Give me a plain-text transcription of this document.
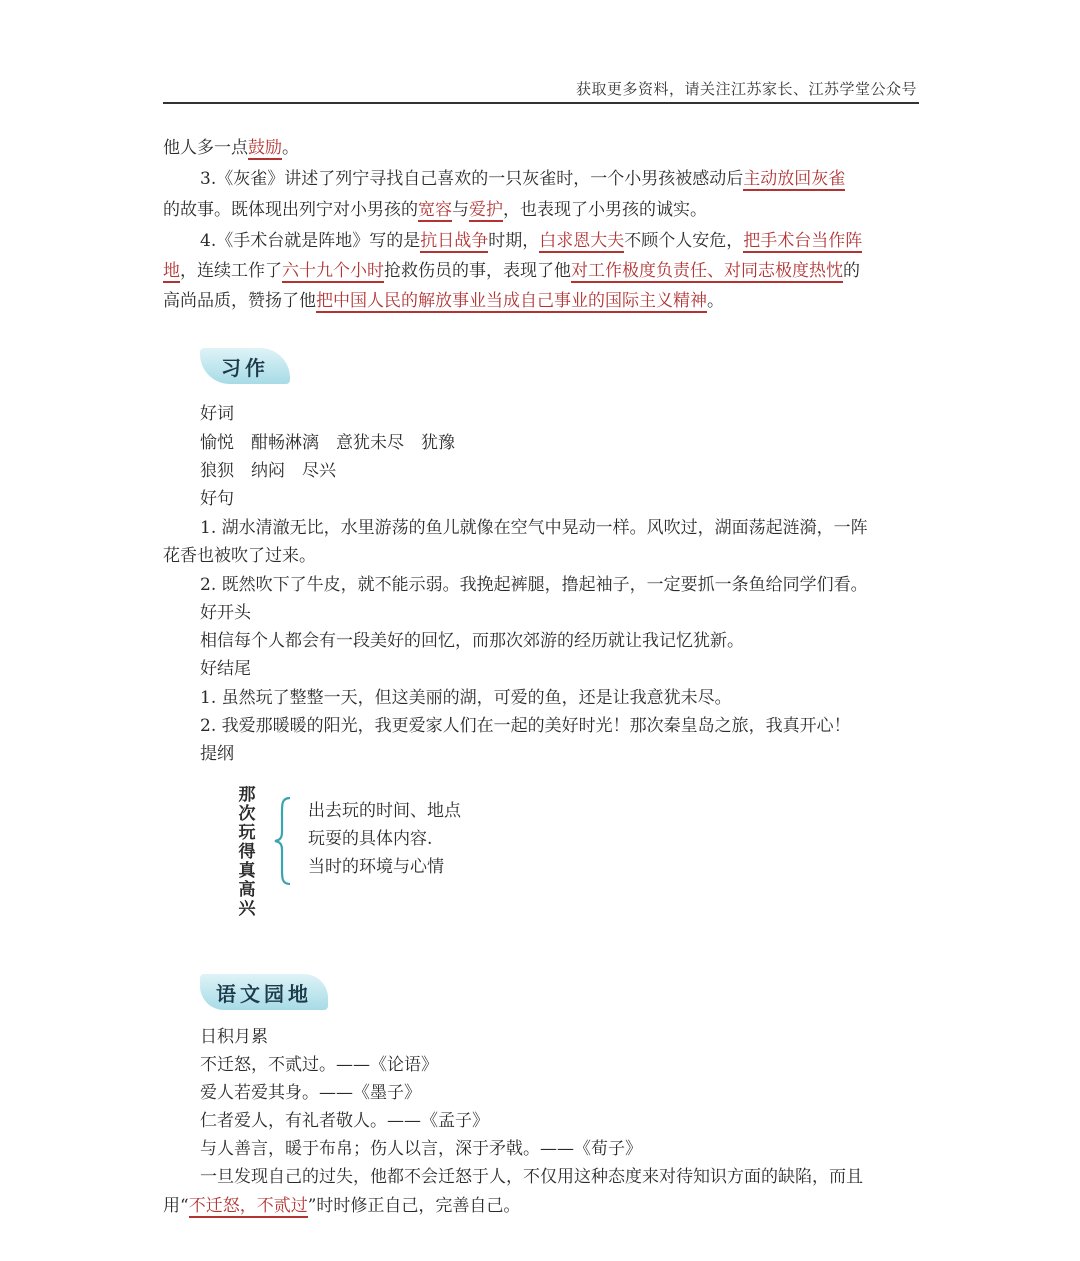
获取更多资料，请关注江苏家长、江苏学堂公众号
他人多一点鼓励。
3.《灰雀》讲述了列宁寻找自己喜欢的一只灰雀时，一个小男孩被感动后主动放回灰雀
的故事。既体现出列宁对小男孩的宽容与爱护，也表现了小男孩的诚实。
4.《手术台就是阵地》写的是抗日战争时期，白求恩大夫不顾个人安危，把手术台当作阵
地，连续工作了六十九个小时抢救伤员的事，表现了他对工作极度负责任、对同志极度热忱的
高尚品质，赞扬了他把中国人民的解放事业当成自己事业的国际主义精神。
习作
好词
愉悦　酣畅淋漓　意犹未尽　犹豫
狼狈　纳闷　尽兴
好句
1. 湖水清澈无比，水里游荡的鱼儿就像在空气中晃动一样。风吹过，湖面荡起涟漪，一阵
花香也被吹了过来。
2. 既然吹下了牛皮，就不能示弱。我挽起裤腿，撸起袖子，一定要抓一条鱼给同学们看。
好开头
相信每个人都会有一段美好的回忆，而那次郊游的经历就让我记忆犹新。
好结尾
1. 虽然玩了整整一天，但这美丽的湖，可爱的鱼，还是让我意犹未尽。
2. 我爱那暖暖的阳光，我更爱家人们在一起的美好时光！那次秦皇岛之旅，我真开心！
提纲
那
次
玩
得
真
高
兴
出去玩的时间、地点
玩耍的具体内容.
当时的环境与心情
语文园地
日积月累
不迁怒，不贰过。——《论语》
爱人若爱其身。——《墨子》
仁者爱人，有礼者敬人。——《孟子》
与人善言，暖于布帛；伤人以言，深于矛戟。——《荀子》
一旦发现自己的过失，他都不会迁怒于人，不仅用这种态度来对待知识方面的缺陷，而且
用“不迁怒，不贰过”时时修正自己，完善自己。
